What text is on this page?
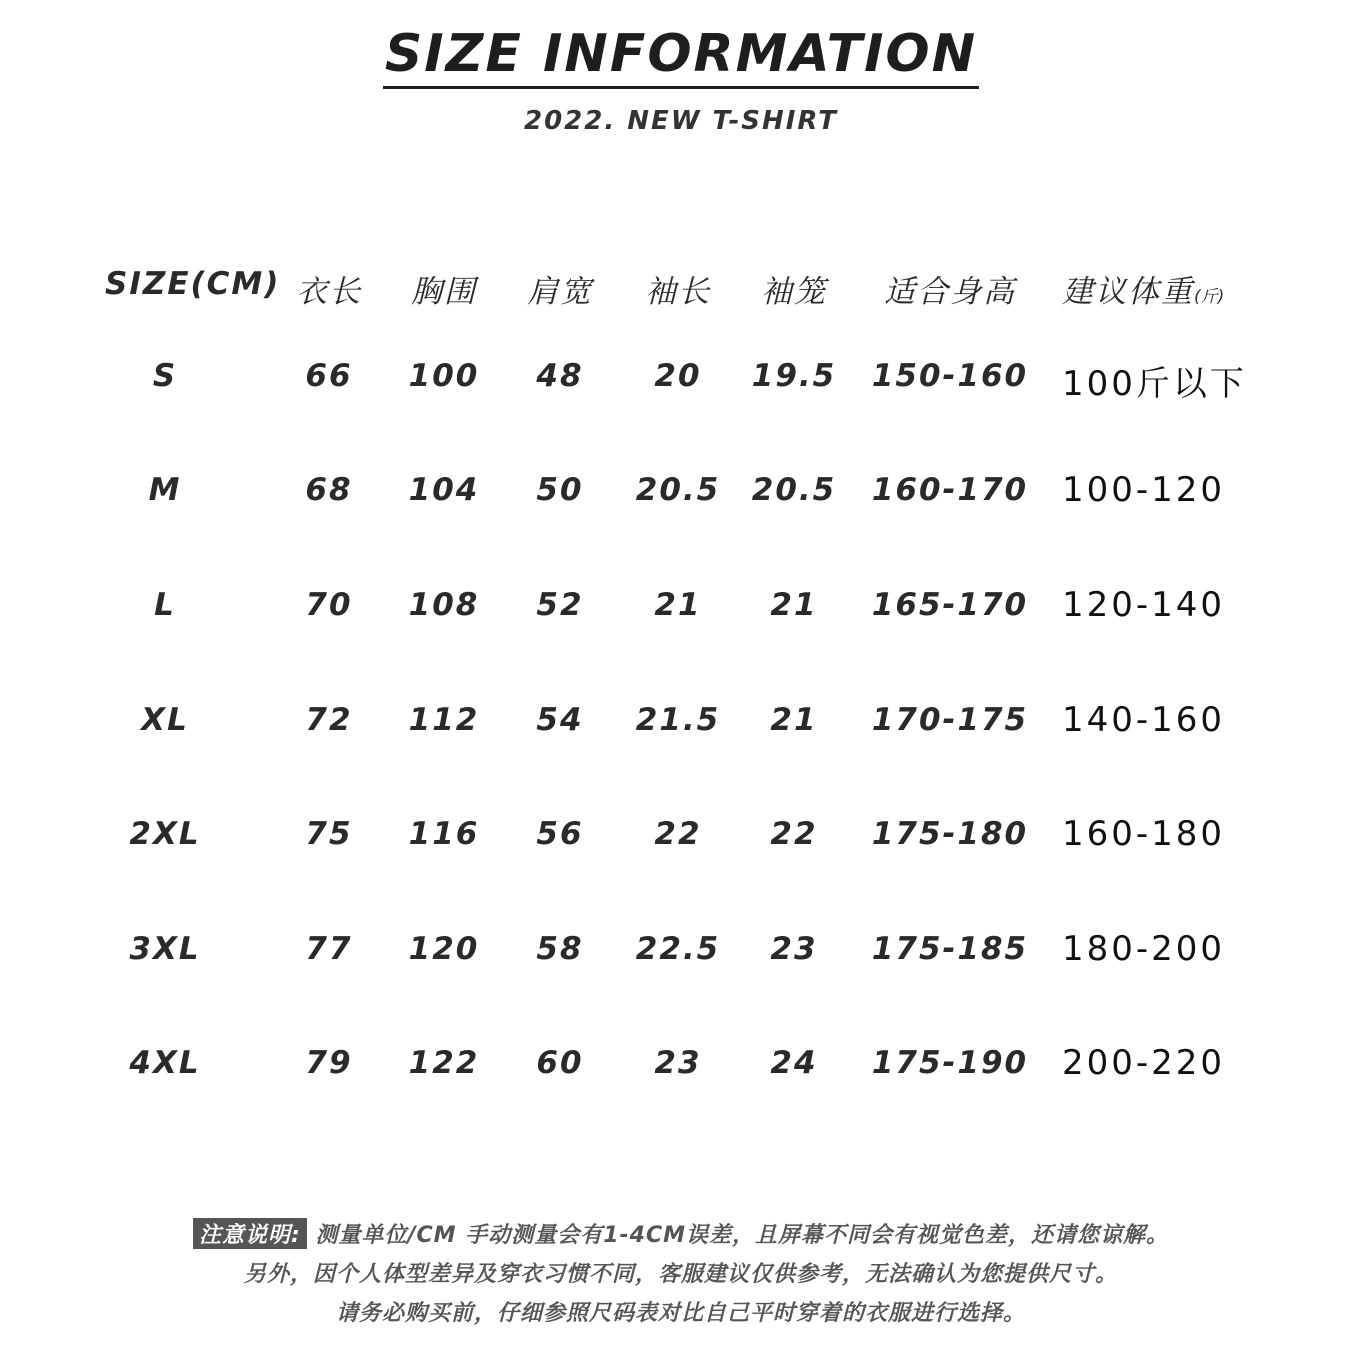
SIZE INFORMATION
2022. NEW T-SHIRT
SIZE(CM) 衣长	胸围	肩宽	袖长	袖笼	适合身高	建议体重(斤)
S	66	100	48	20	19.5	150-160 100斤以下
M	68	104	50	20.5	20.5	160-170 100-120
L	70	108	52	21	21	165-170 120-140
XL	72	112	54	21.5	21	170-175 140-160
2XL	75	116	56	22	22	175-180 160-180
3XL	77	120	58	22.5	23	175-185 180-200
4XL	79	122	60	23	24	175-190 200-220
注意说明: 测量单位/CM 手动测量会有1-4CM误差，且屏幕不同会有视觉色差，还请您谅解。
另外，因个人体型差异及穿衣习惯不同，客服建议仅供参考，无法确认为您提供尺寸。
请务必购买前，仔细参照尺码表对比自己平时穿着的衣服进行选择。
